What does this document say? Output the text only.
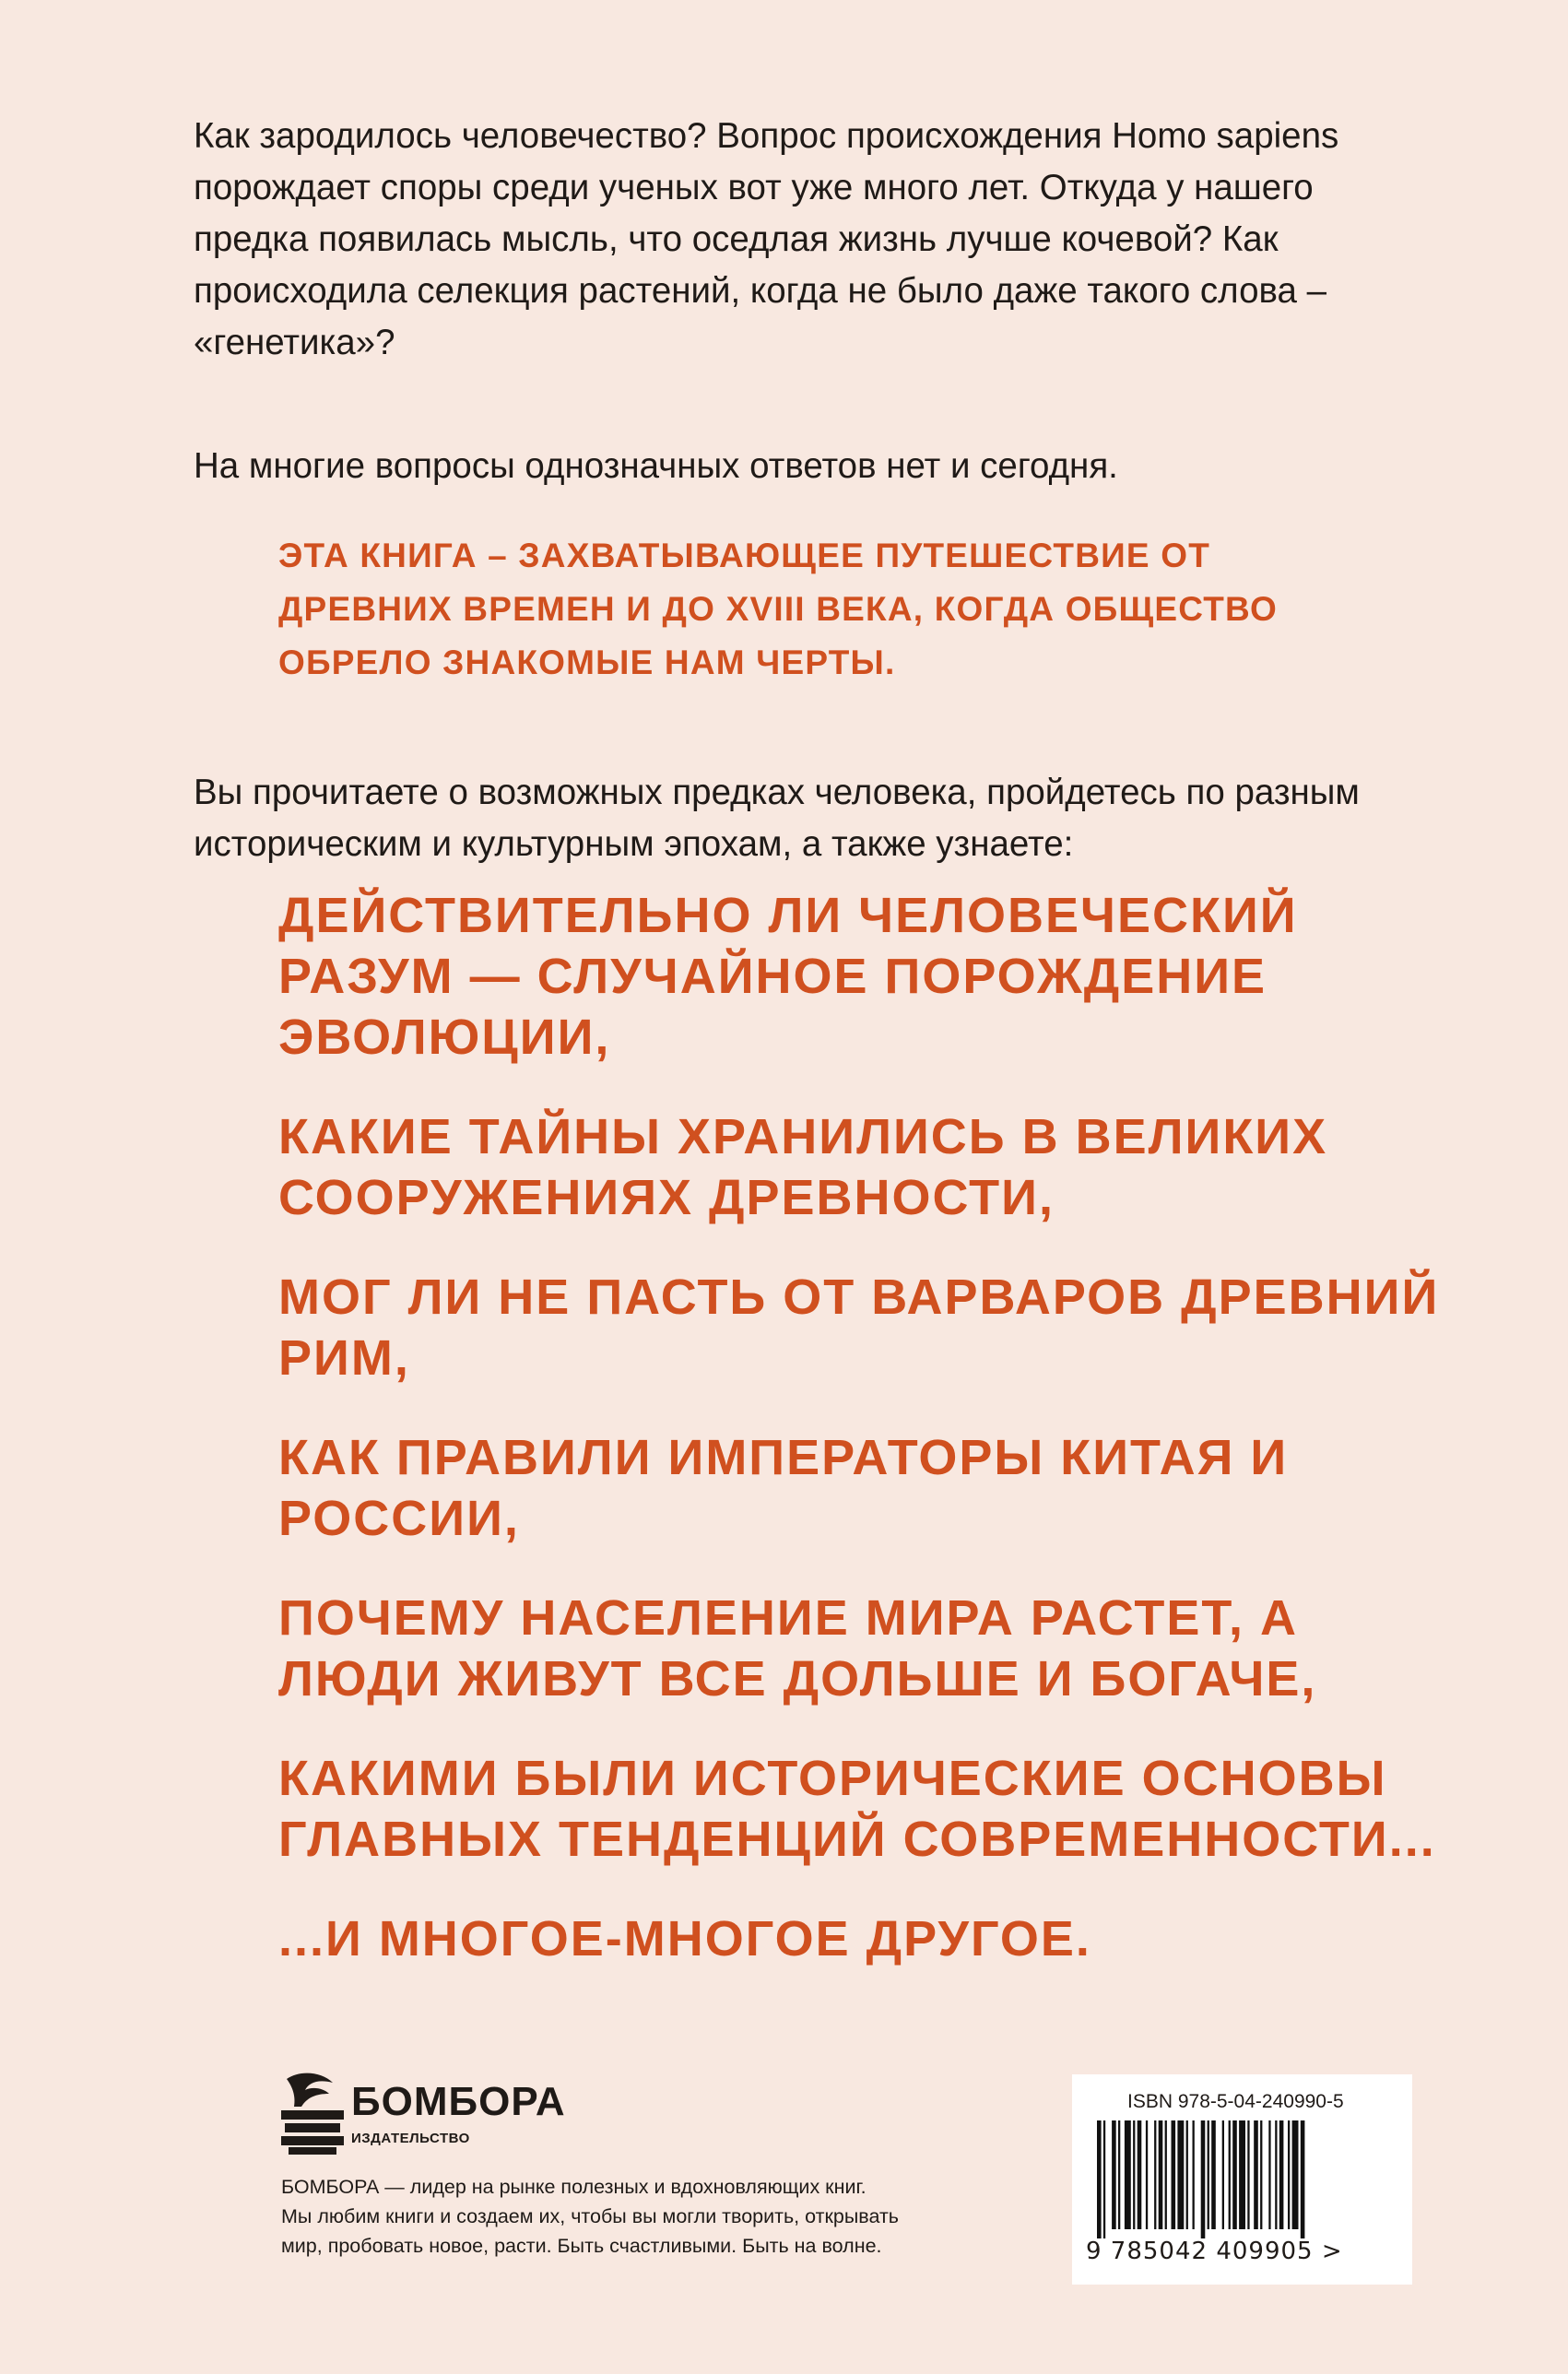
Как зародилось человечество? Вопрос происхождения Homo sapiens порождает споры среди ученых вот уже много лет. Откуда у нашего предка появилась мысль, что оседлая жизнь лучше кочевой? Как происходила селекция растений, когда не было даже такого слова – «генетика»?

На многие вопросы однозначных ответов нет и сегодня.

ЭТА КНИГА – ЗАХВАТЫВАЮЩЕЕ ПУТЕШЕСТВИЕ ОТ ДРЕВНИХ ВРЕМЕН И ДО XVIII ВЕКА, КОГДА ОБЩЕСТВО ОБРЕЛО ЗНАКОМЫЕ НАМ ЧЕРТЫ.

Вы прочитаете о возможных предках человека, пройдетесь по разным историческим и культурным эпохам, а также узнаете:

ДЕЙСТВИТЕЛЬНО ЛИ ЧЕЛОВЕЧЕСКИЙ РАЗУМ — СЛУЧАЙНОЕ ПОРОЖДЕНИЕ ЭВОЛЮЦИИ,
КАКИЕ ТАЙНЫ ХРАНИЛИСЬ В ВЕЛИКИХ СООРУЖЕНИЯХ ДРЕВНОСТИ,
МОГ ЛИ НЕ ПАСТЬ ОТ ВАРВАРОВ ДРЕВНИЙ РИМ,
КАК ПРАВИЛИ ИМПЕРАТОРЫ КИТАЯ И РОССИИ,
ПОЧЕМУ НАСЕЛЕНИЕ МИРА РАСТЕТ, А ЛЮДИ ЖИВУТ ВСЕ ДОЛЬШЕ И БОГАЧЕ,
КАКИМИ БЫЛИ ИСТОРИЧЕСКИЕ ОСНОВЫ ГЛАВНЫХ ТЕНДЕНЦИЙ СОВРЕМЕННОСТИ...
...И МНОГОЕ-МНОГОЕ ДРУГОЕ.
БОМБОРА
ИЗДАТЕЛЬСТВО
БОМБОРА — лидер на рынке полезных и вдохновляющих книг.
Мы любим книги и создаем их, чтобы вы могли творить, открывать
мир, пробовать новое, расти. Быть счастливыми. Быть на волне.
ISBN 978-5-04-240990-5
9 785042 409905 >
